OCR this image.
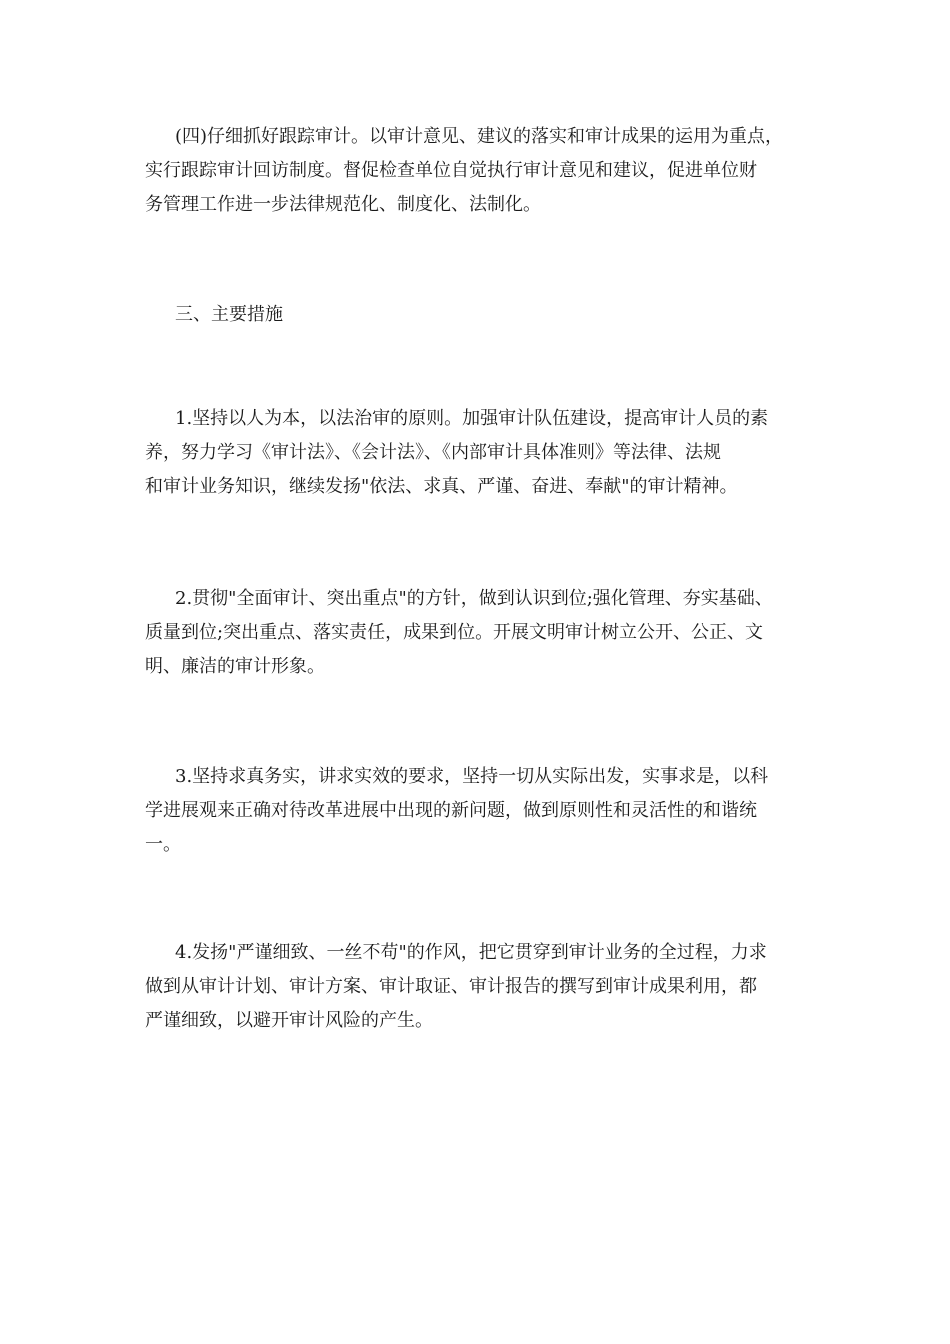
(四)仔细抓好跟踪审计。以审计意见、建议的落实和审计成果的运用为重点，
实行跟踪审计回访制度。督促检查单位自觉执行审计意见和建议，促进单位财
务管理工作进一步法律规范化、制度化、法制化。

三、主要措施

1.坚持以人为本，以法治审的原则。加强审计队伍建设，提高审计人员的素
养，努力学习《审计法》、《会计法》、《内部审计具体准则》等法律、法规
和审计业务知识，继续发扬"依法、求真、严谨、奋进、奉献"的审计精神。

2.贯彻"全面审计、突出重点"的方针，做到认识到位;强化管理、夯实基础、
质量到位;突出重点、落实责任，成果到位。开展文明审计树立公开、公正、文
明、廉洁的审计形象。

3.坚持求真务实，讲求实效的要求，坚持一切从实际出发，实事求是，以科
学进展观来正确对待改革进展中出现的新问题，做到原则性和灵活性的和谐统
一。

4.发扬"严谨细致、一丝不苟"的作风，把它贯穿到审计业务的全过程，力求
做到从审计计划、审计方案、审计取证、审计报告的撰写到审计成果利用，都
严谨细致，以避开审计风险的产生。
